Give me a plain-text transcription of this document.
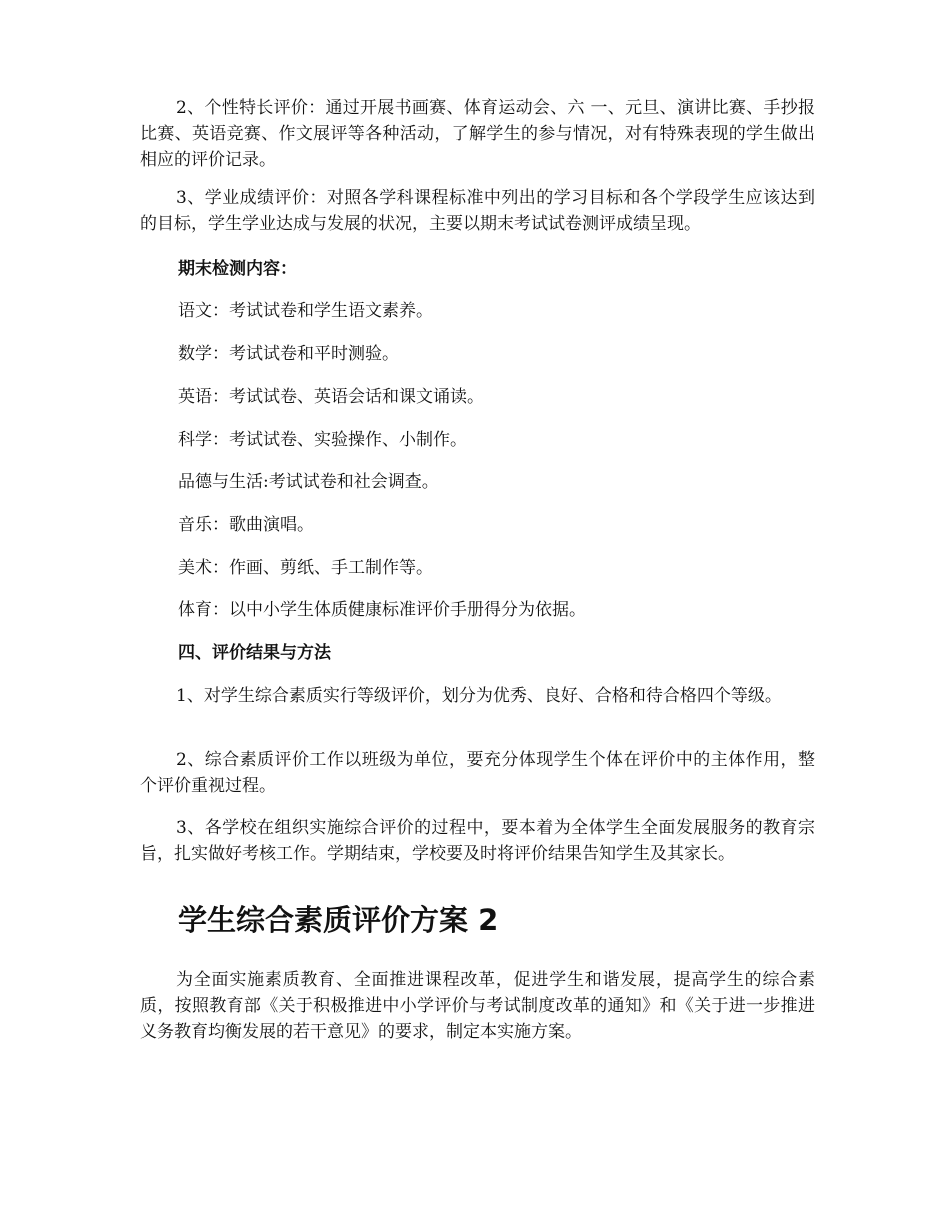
2、个性特长评价：通过开展书画赛、体育运动会、六 一、元旦、演讲比赛、手抄报比赛、英语竞赛、作文展评等各种活动，了解学生的参与情况，对有特殊表现的学生做出相应的评价记录。

3、学业成绩评价：对照各学科课程标准中列出的学习目标和各个学段学生应该达到的目标，学生学业达成与发展的状况，主要以期末考试试卷测评成绩呈现。

期末检测内容：

语文：考试试卷和学生语文素养。

数学：考试试卷和平时测验。

英语：考试试卷、英语会话和课文诵读。

科学：考试试卷、实验操作、小制作。

品德与生活:考试试卷和社会调查。

音乐：歌曲演唱。

美术：作画、剪纸、手工制作等。

体育：以中小学生体质健康标准评价手册得分为依据。

四、评价结果与方法

1、对学生综合素质实行等级评价，划分为优秀、良好、合格和待合格四个等级。

2、综合素质评价工作以班级为单位，要充分体现学生个体在评价中的主体作用，整个评价重视过程。

3、各学校在组织实施综合评价的过程中，要本着为全体学生全面发展服务的教育宗旨，扎实做好考核工作。学期结束，学校要及时将评价结果告知学生及其家长。

学生综合素质评价方案 2

为全面实施素质教育、全面推进课程改革，促进学生和谐发展，提高学生的综合素质，按照教育部《关于积极推进中小学评价与考试制度改革的通知》和《关于进一步推进义务教育均衡发展的若干意见》的要求，制定本实施方案。
